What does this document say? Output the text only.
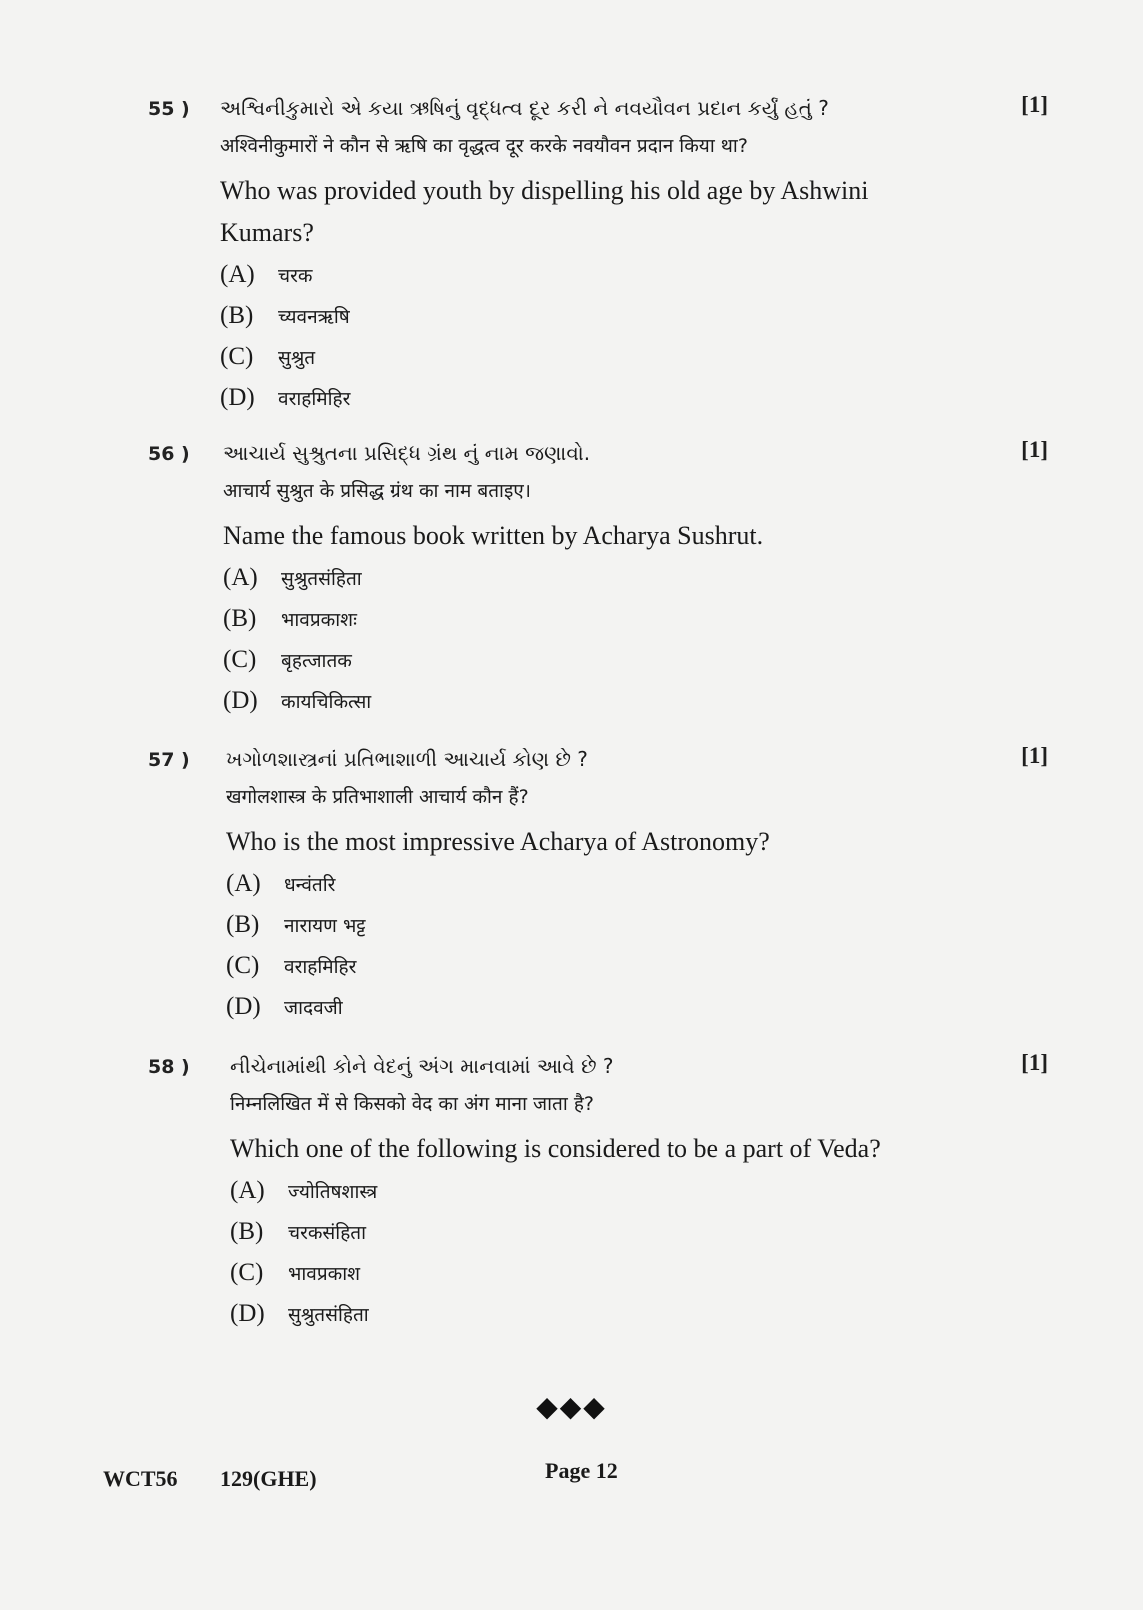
55 )	[1]
અશ્વિનીકુમારો એ કયા ઋષિનું વૃદ્ધત્વ દૂર કરી ને નવયૌવન પ્રદાન કર્યું હતું ?
अश्विनीकुमारों ने कौन से ऋषि का वृद्धत्व दूर करके नवयौवन प्रदान किया था?
Who was provided youth by dispelling his old age by Ashwini Kumars?
(A) चरक
(B) च्यवनऋषि
(C) सुश्रुत
(D) वराहमिहिर
56 )	[1]
આચાર્ય સુશ્રુતના પ્રસિદ્ધ ગ્રંથ નું નામ જણાવો.
आचार्य सुश्रुत के प्रसिद्ध ग्रंथ का नाम बताइए।
Name the famous book written by Acharya Sushrut.
(A) सुश्रुतसंहिता
(B) भावप्रकाशः
(C) बृहत्जातक
(D) कायचिकित्सा
57 )	[1]
ખગોળશાસ્ત્રનાં પ્રતિભાશાળી આચાર્ય કોણ છે ?
खगोलशास्त्र के प्रतिभाशाली आचार्य कौन हैं?
Who is the most impressive Acharya of Astronomy?
(A) धन्वंतरि
(B) नारायण भट्ट
(C) वराहमिहिर
(D) जादवजी
58 )	[1]
નીચેનામાંથી કોને વેદનું અંગ માનવામાં આવે છે ?
निम्नलिखित में से किसको वेद का अंग माना जाता है?
Which one of the following is considered to be a part of Veda?
(A) ज्योतिषशास्त्र
(B) चरकसंहिता
(C) भावप्रकाश
(D) सुश्रुतसंहिता
◆◆◆
WCT56 129(GHE)	Page 12
